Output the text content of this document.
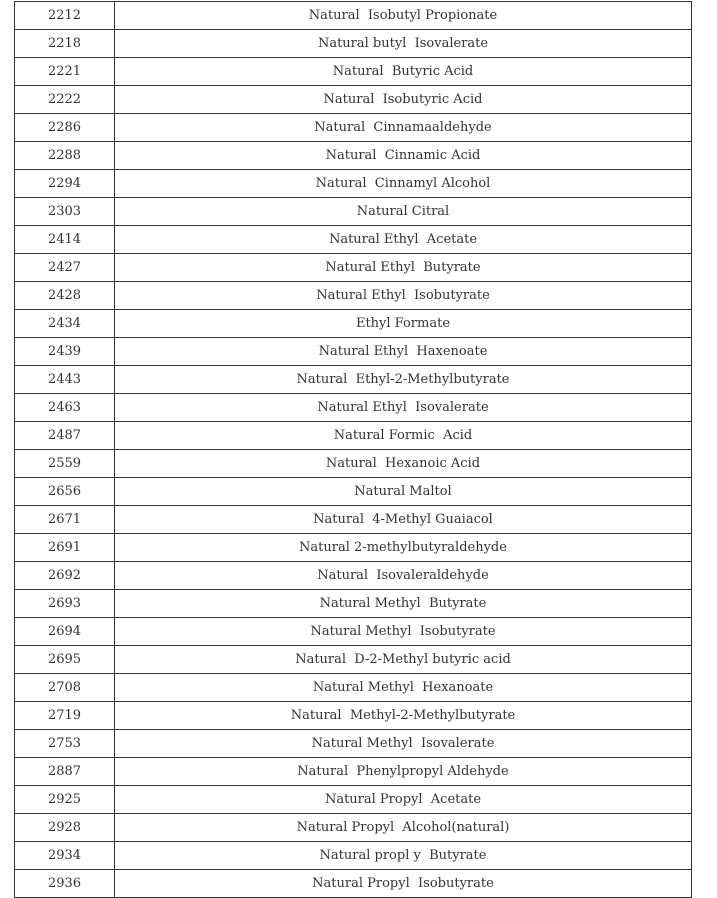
2212	Natural  Isobutyl Propionate
2218	Natural butyl  Isovalerate
2221	Natural  Butyric Acid
2222	Natural  Isobutyric Acid
2286	Natural  Cinnamaaldehyde
2288	Natural  Cinnamic Acid
2294	Natural  Cinnamyl Alcohol
2303	Natural Citral
2414	Natural Ethyl  Acetate
2427	Natural Ethyl  Butyrate
2428	Natural Ethyl  Isobutyrate
2434	Ethyl Formate
2439	Natural Ethyl  Haxenoate
2443	Natural  Ethyl-2-Methylbutyrate
2463	Natural Ethyl  Isovalerate
2487	Natural Formic  Acid
2559	Natural  Hexanoic Acid
2656	Natural Maltol
2671	Natural  4-Methyl Guaiacol
2691	Natural 2-methylbutyraldehyde
2692	Natural  Isovaleraldehyde
2693	Natural Methyl  Butyrate
2694	Natural Methyl  Isobutyrate
2695	Natural  D-2-Methyl butyric acid
2708	Natural Methyl  Hexanoate
2719	Natural  Methyl-2-Methylbutyrate
2753	Natural Methyl  Isovalerate
2887	Natural  Phenylpropyl Aldehyde
2925	Natural Propyl  Acetate
2928	Natural Propyl  Alcohol(natural)
2934	Natural propl y  Butyrate
2936	Natural Propyl  Isobutyrate
